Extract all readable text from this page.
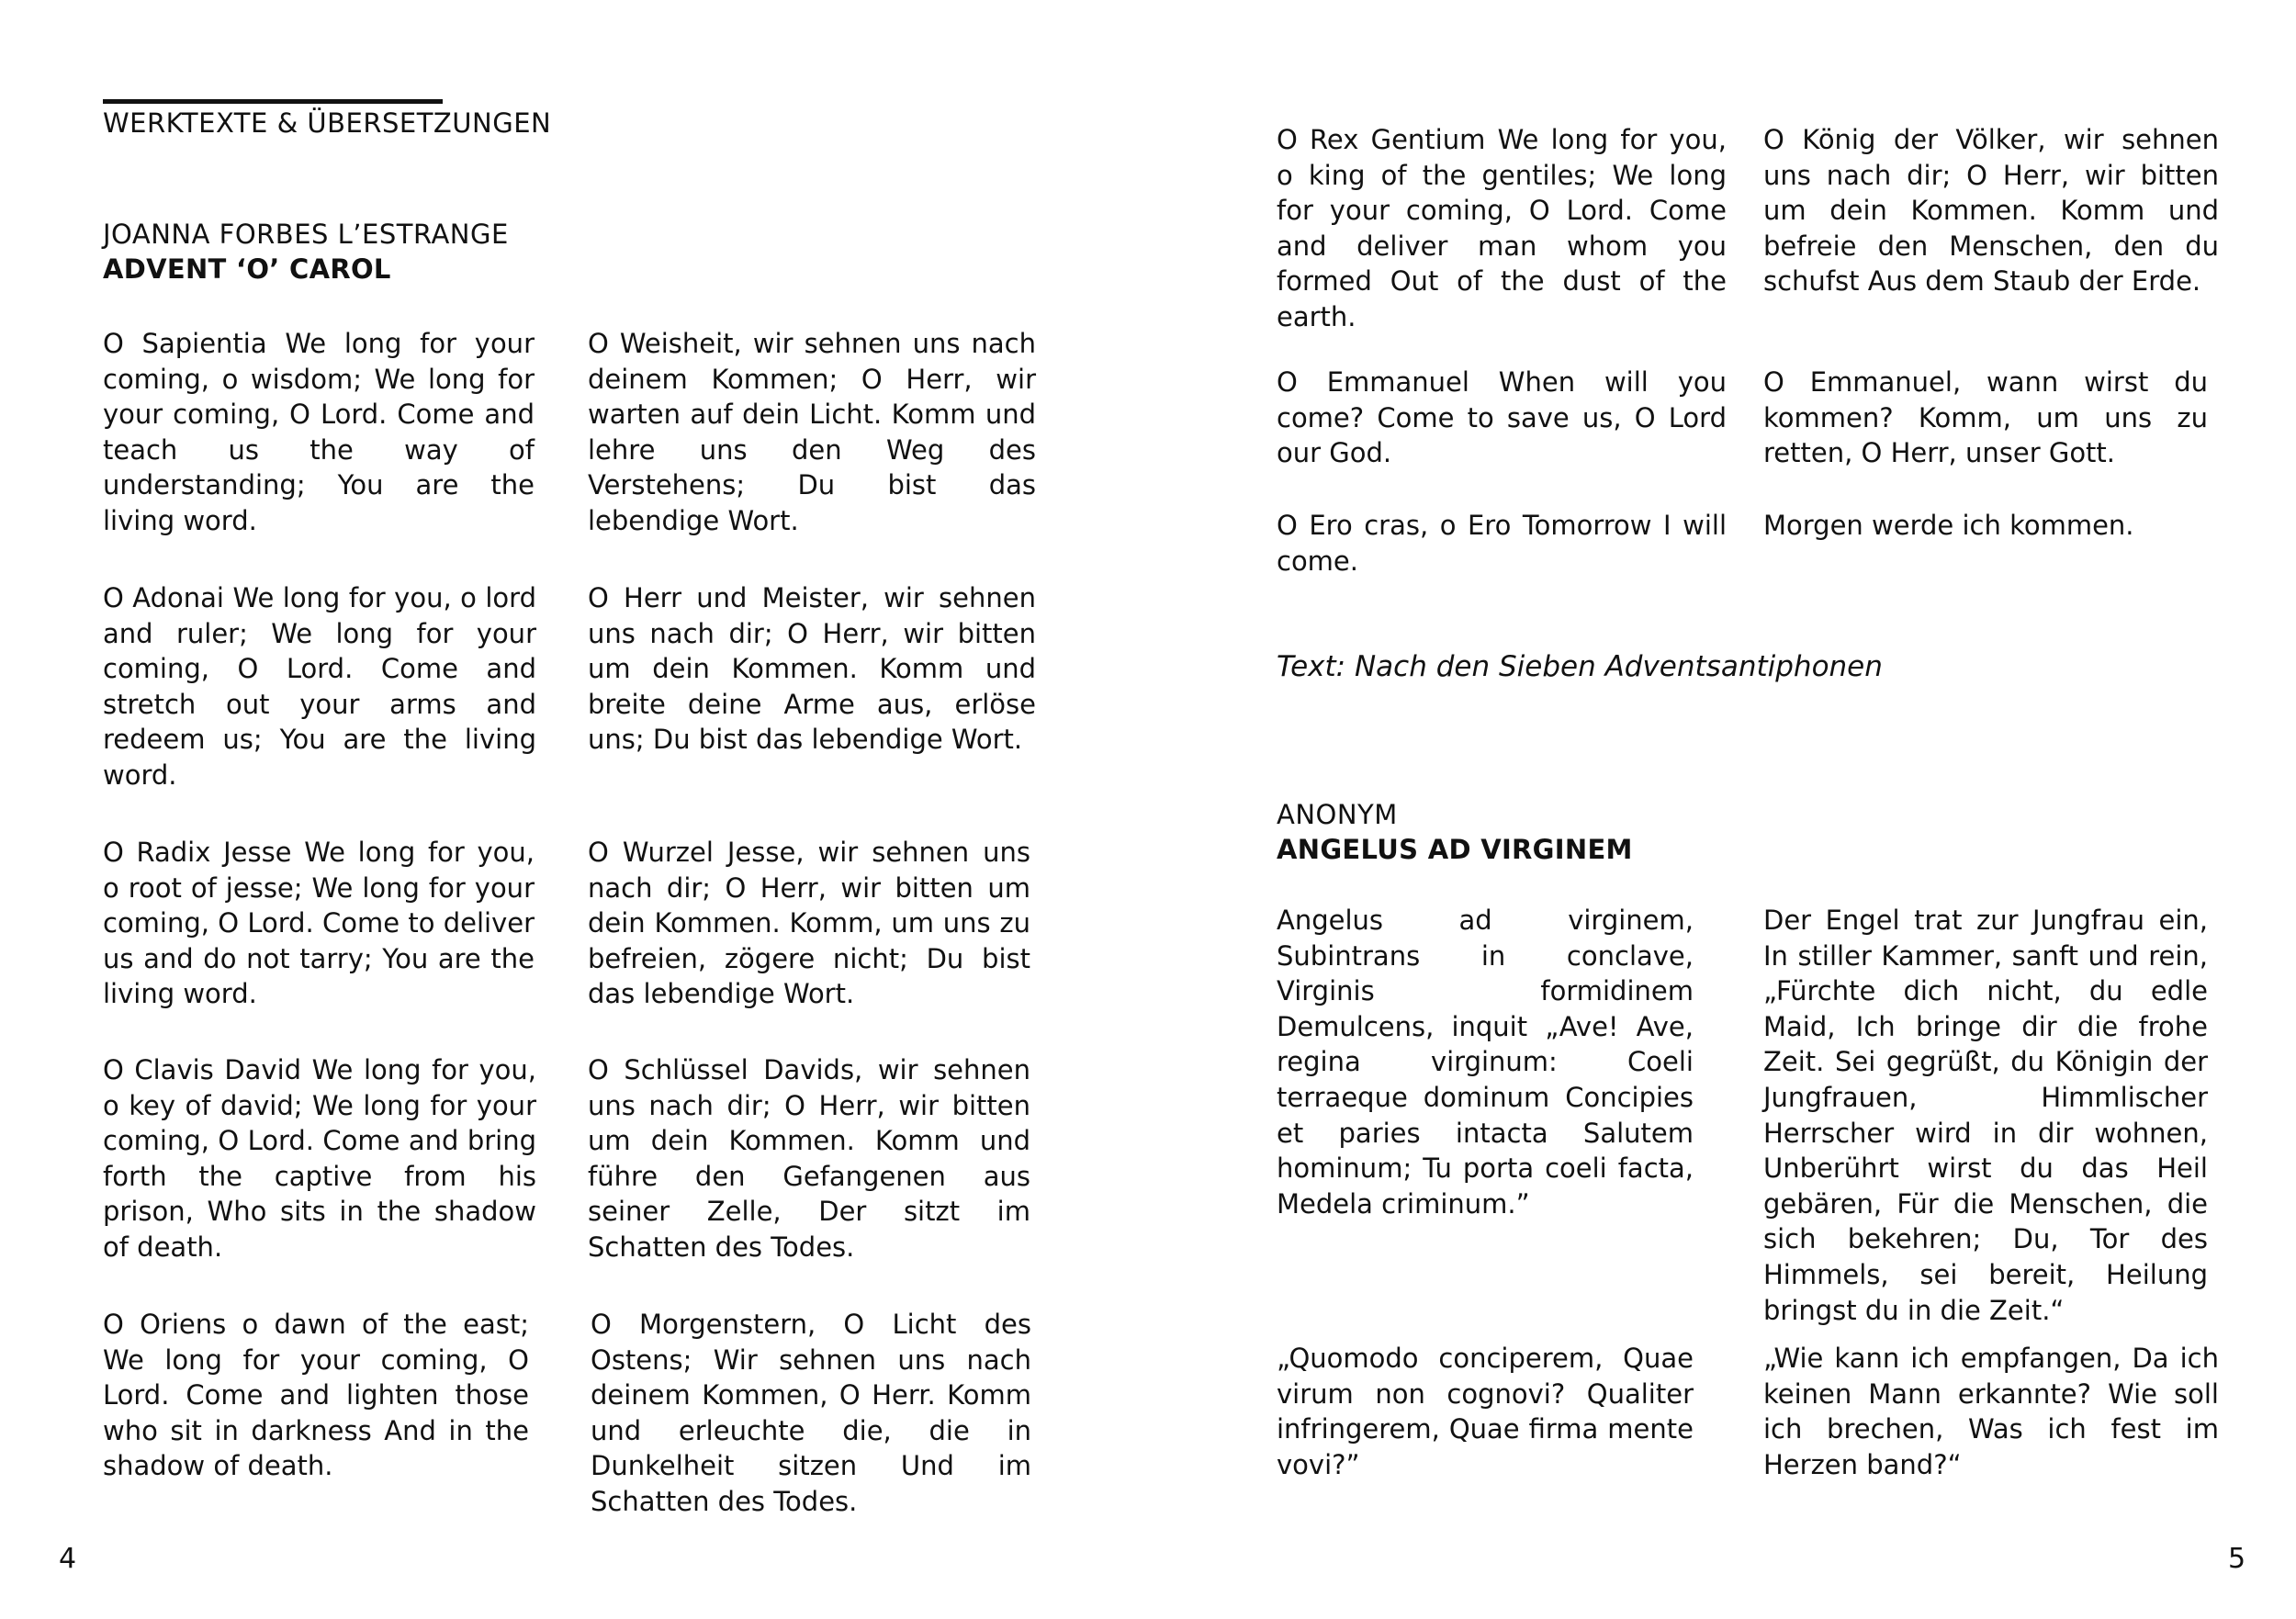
WERKTEXTE & ÜBERSETZUNGEN
JOANNA FORBES L’ESTRANGE
ADVENT ‘O’ CAROL

O Sapientia We long for your coming, o wisdom; We long for your coming, O Lord. Come and teach us the way of understanding; You are the living word.

O Weisheit, wir sehnen uns nach deinem Kommen; O Herr, wir warten auf dein Licht. Komm und lehre uns den Weg des Verstehens; Du bist das lebendige Wort.

O Adonai We long for you, o lord and ruler; We long for your coming, O Lord. Come and stretch out your arms and redeem us; You are the living word.

O Herr und Meister, wir sehnen uns nach dir; O Herr, wir bitten um dein Kommen. Komm und breite deine Arme aus, erlöse uns; Du bist das lebendige Wort.

O Radix Jesse We long for you, o root of jesse; We long for your coming, O Lord. Come to deliver us and do not tarry; You are the living word.

O Wurzel Jesse, wir sehnen uns nach dir; O Herr, wir bitten um dein Kommen. Komm, um uns zu befreien, zögere nicht; Du bist das lebendige Wort.

O Clavis David We long for you, o key of david; We long for your coming, O Lord. Come and bring forth the captive from his prison, Who sits in the shadow of death.

O Schlüssel Davids, wir sehnen uns nach dir; O Herr, wir bitten um dein Kommen. Komm und führe den Gefangenen aus seiner Zelle, Der sitzt im Schatten des Todes.

O Oriens o dawn of the east; We long for your coming, O Lord. Come and lighten those who sit in darkness And in the shadow of death.

O Morgenstern, O Licht des Ostens; Wir sehnen uns nach deinem Kommen, O Herr. Komm und erleuchte die, die in Dunkelheit sitzen Und im Schatten des Todes.

4

O Rex Gentium We long for you, o king of the gentiles; We long for your coming, O Lord. Come and deliver man whom you formed Out of the dust of the earth.

O König der Völker, wir sehnen uns nach dir; O Herr, wir bitten um dein Kommen. Komm und befreie den Menschen, den du schufst Aus dem Staub der Erde.

O Emmanuel When will you come? Come to save us, O Lord our God.

O Emmanuel, wann wirst du kommen? Komm, um uns zu retten, O Herr, unser Gott.

O Ero cras, o Ero Tomorrow I will come.

Morgen werde ich kommen.

Text: Nach den Sieben Adventsantiphonen
ANONYM
ANGELUS AD VIRGINEM

Angelus ad virginem, Subintrans in conclave, Virginis formidinem Demulcens, inquit „Ave! Ave, regina virginum: Coeli terraeque dominum Concipies et paries intacta Salutem hominum; Tu porta coeli facta, Medela criminum.”

Der Engel trat zur Jungfrau ein, In stiller Kammer, sanft und rein, „Fürchte dich nicht, du edle Maid, Ich bringe dir die frohe Zeit. Sei gegrüßt, du Königin der Jungfrauen, Himmlischer Herrscher wird in dir wohnen, Unberührt wirst du das Heil gebären, Für die Menschen, die sich bekehren; Du, Tor des Himmels, sei bereit, Heilung bringst du in die Zeit.“

„Quomodo conciperem, Quae virum non cognovi? Qualiter infringerem, Quae firma mente vovi?”

„Wie kann ich empfangen, Da ich keinen Mann erkannte? Wie soll ich brechen, Was ich fest im Herzen band?“

5
